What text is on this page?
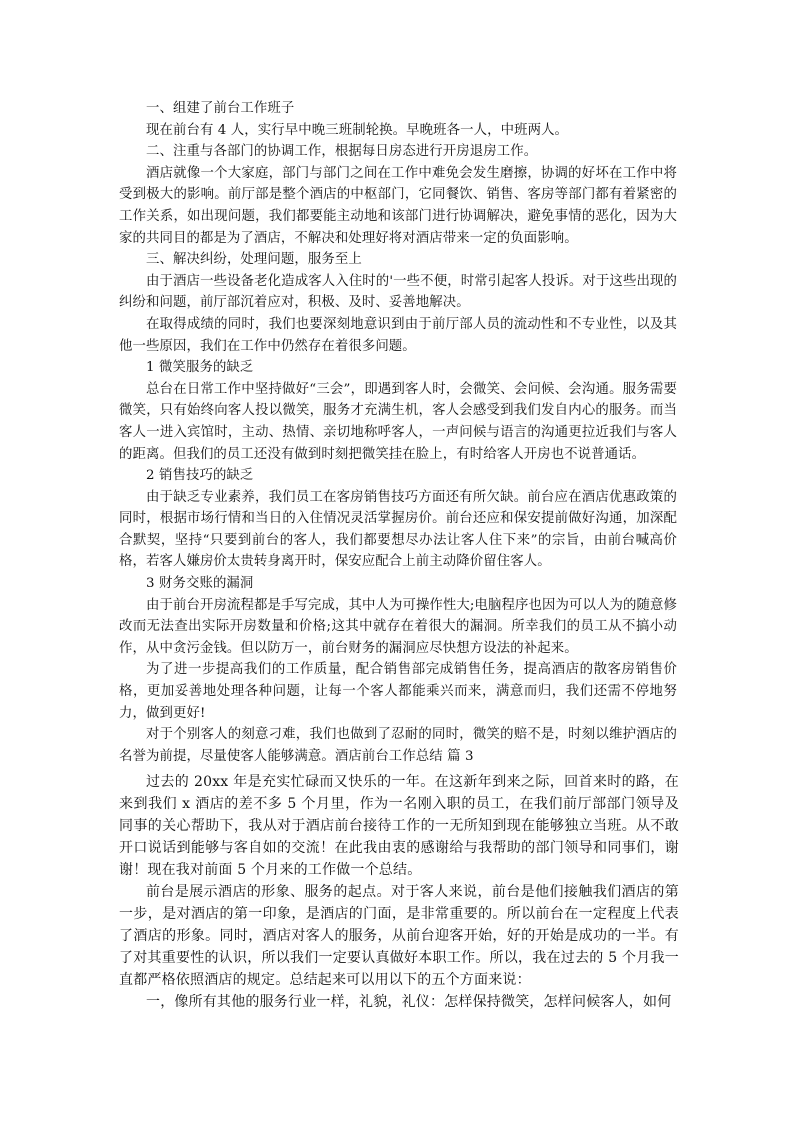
一、组建了前台工作班子

现在前台有 4 人，实行早中晚三班制轮换。早晚班各一人，中班两人。

二、注重与各部门的协调工作，根据每日房态进行开房退房工作。

酒店就像一个大家庭，部门与部门之间在工作中难免会发生磨擦，协调的好坏在工作中将受到极大的影响。前厅部是整个酒店的中枢部门，它同餐饮、销售、客房等部门都有着紧密的工作关系，如出现问题，我们都要能主动地和该部门进行协调解决，避免事情的恶化，因为大家的共同目的都是为了酒店，不解决和处理好将对酒店带来一定的负面影响。

三、解决纠纷，处理问题，服务至上

由于酒店一些设备老化造成客人入住时的'一些不便，时常引起客人投诉。对于这些出现的纠纷和问题，前厅部沉着应对，积极、及时、妥善地解决。

在取得成绩的同时，我们也要深刻地意识到由于前厅部人员的流动性和不专业性，以及其他一些原因，我们在工作中仍然存在着很多问题。

1 微笑服务的缺乏

总台在日常工作中坚持做好“三会”，即遇到客人时，会微笑、会问候、会沟通。服务需要微笑，只有始终向客人投以微笑，服务才充满生机，客人会感受到我们发自内心的服务。而当客人一进入宾馆时，主动、热情、亲切地称呼客人，一声问候与语言的沟通更拉近我们与客人的距离。但我们的员工还没有做到时刻把微笑挂在脸上，有时给客人开房也不说普通话。

2 销售技巧的缺乏

由于缺乏专业素养，我们员工在客房销售技巧方面还有所欠缺。前台应在酒店优惠政策的同时，根据市场行情和当日的入住情况灵活掌握房价。前台还应和保安提前做好沟通，加深配合默契，坚持“只要到前台的客人，我们都要想尽办法让客人住下来”的宗旨，由前台喊高价格，若客人嫌房价太贵转身离开时，保安应配合上前主动降价留住客人。

3 财务交账的漏洞

由于前台开房流程都是手写完成，其中人为可操作性大;电脑程序也因为可以人为的随意修改而无法查出实际开房数量和价格;这其中就存在着很大的漏洞。所幸我们的员工从不搞小动作，从中贪污金钱。但以防万一，前台财务的漏洞应尽快想方设法的补起来。

为了进一步提高我们的工作质量，配合销售部完成销售任务，提高酒店的散客房销售价格，更加妥善地处理各种问题，让每一个客人都能乘兴而来，满意而归，我们还需不停地努力，做到更好!

对于个别客人的刻意刁难，我们也做到了忍耐的同时，微笑的赔不是，时刻以维护酒店的名誉为前提，尽量使客人能够满意。酒店前台工作总结 篇 3

过去的 20xx 年是充实忙碌而又快乐的一年。在这新年到来之际，回首来时的路，在来到我们 x 酒店的差不多 5 个月里，作为一名刚入职的员工，在我们前厅部部门领导及同事的关心帮助下，我从对于酒店前台接待工作的一无所知到现在能够独立当班。从不敢开口说话到能够与客自如的交流！在此我由衷的感谢给与我帮助的部门领导和同事们，谢谢！现在我对前面 5 个月来的工作做一个总结。

前台是展示酒店的形象、服务的起点。对于客人来说，前台是他们接触我们酒店的第一步，是对酒店的第一印象，是酒店的门面，是非常重要的。所以前台在一定程度上代表了酒店的形象。同时，酒店对客人的服务，从前台迎客开始，好的开始是成功的一半。有了对其重要性的认识，所以我们一定要认真做好本职工作。所以，我在过去的 5 个月我一直都严格依照酒店的规定。总结起来可以用以下的五个方面来说：

一，像所有其他的服务行业一样，礼貌，礼仪：怎样保持微笑，怎样问候客人，如何
